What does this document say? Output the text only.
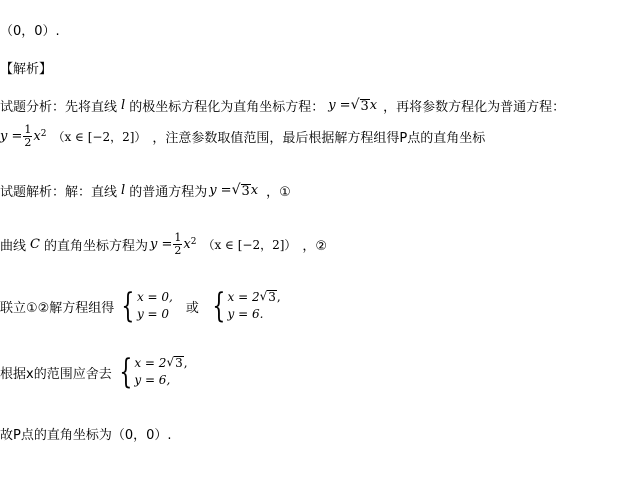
（0，0）.
【解析】
试题分析：先将直线 l 的极坐标方程化为直角坐标方程： y = √ 3 x ，再将参数方程化为普通方程：
$y = \frac{1}{2}$ x 2 （x ∈ [−2，2]） ，注意参数取值范围，最后根据解方程组得P点的直角坐标
试题解析：解：直线 l 的普通方程为 y = √ 3 x ，①
曲线 C 的直角坐标方程为 $y = \frac{1}{2}$ x 2 （x ∈ [−2，2]） ，②
联立①②解方程组得 { x = 0,
y = 0 或 { x = 2 √ 3 ,
y = 6.
根据x的范围应舍去 { x = 2 √ 3 ,
y = 6,
故P点的直角坐标为（0，0）.
